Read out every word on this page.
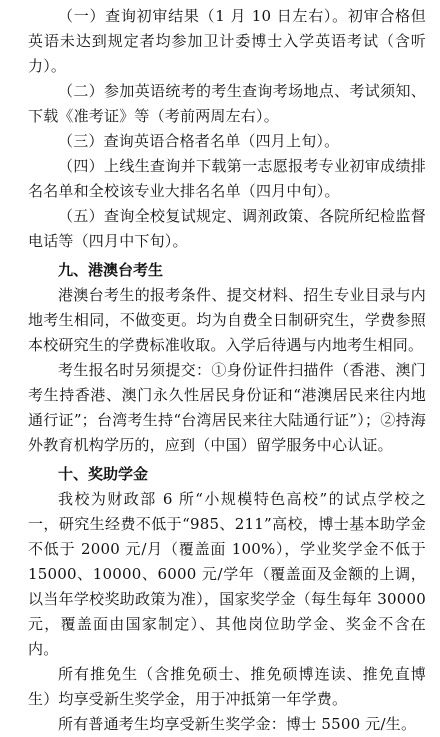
（一）查询初审结果（1 月 10 日左右）。初审合格但英语未达到规定者均参加卫计委博士入学英语考试（含听力）。

（二）参加英语统考的考生查询考场地点、考试须知、下载《准考证》等（考前两周左右）。

（三）查询英语合格者名单（四月上旬）。

（四）上线生查询并下载第一志愿报考专业初审成绩排名名单和全校该专业大排名名单（四月中旬）。

（五）查询全校复试规定、调剂政策、各院所纪检监督电话等（四月中下旬）。

九、港澳台考生

港澳台考生的报考条件、提交材料、招生专业目录与内地考生相同，不做变更。均为自费全日制研究生，学费参照本校研究生的学费标准收取。入学后待遇与内地考生相同。

考生报名时另须提交：①身份证件扫描件（香港、澳门考生持香港、澳门永久性居民身份证和“港澳居民来往内地通行证”；台湾考生持“台湾居民来往大陆通行证”）；②持海外教育机构学历的，应到（中国）留学服务中心认证。

十、奖助学金

我校为财政部 6 所“小规模特色高校”的试点学校之一，研究生经费不低于“985、211”高校，博士基本助学金不低于 2000 元/月（覆盖面 100%），学业奖学金不低于 15000、10000、6000 元/学年（覆盖面及金额的上调，以当年学校奖助政策为准），国家奖学金（每生每年 30000 元，覆盖面由国家制定）、其他岗位助学金、奖金不含在内。

所有推免生（含推免硕士、推免硕博连读、推免直博生）均享受新生奖学金，用于冲抵第一年学费。

所有普通考生均享受新生奖学金：博士 5500 元/生。
